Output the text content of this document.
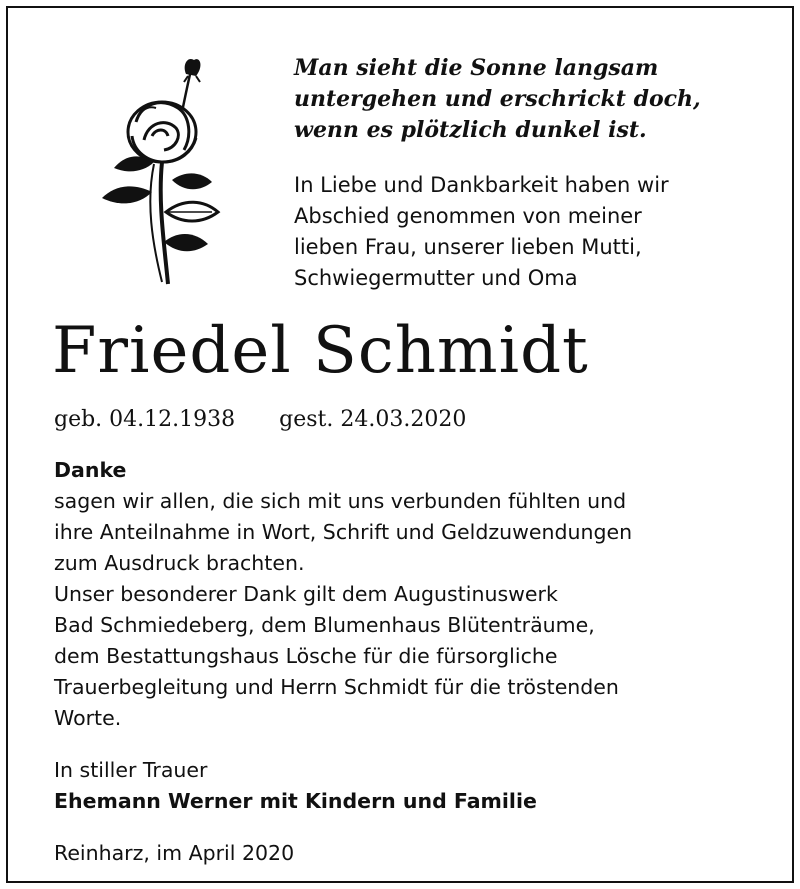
Man sieht die Sonne langsam
untergehen und erschrickt doch,
wenn es plötzlich dunkel ist.
In Liebe und Dankbarkeit haben wir
Abschied genommen von meiner
lieben Frau, unserer lieben Mutti,
Schwiegermutter und Oma
Friedel Schmidt
geb. 04.12.1938 gest. 24.03.2020
Danke
sagen wir allen, die sich mit uns verbunden fühlten und
ihre Anteilnahme in Wort, Schrift und Geldzuwendungen
zum Ausdruck brachten.
Unser besonderer Dank gilt dem Augustinuswerk
Bad Schmiedeberg, dem Blumenhaus Blütenträume,
dem Bestattungshaus Lösche für die fürsorgliche
Trauerbegleitung und Herrn Schmidt für die tröstenden
Worte.
In stiller Trauer
Ehemann Werner mit Kindern und Familie
Reinharz, im April 2020
